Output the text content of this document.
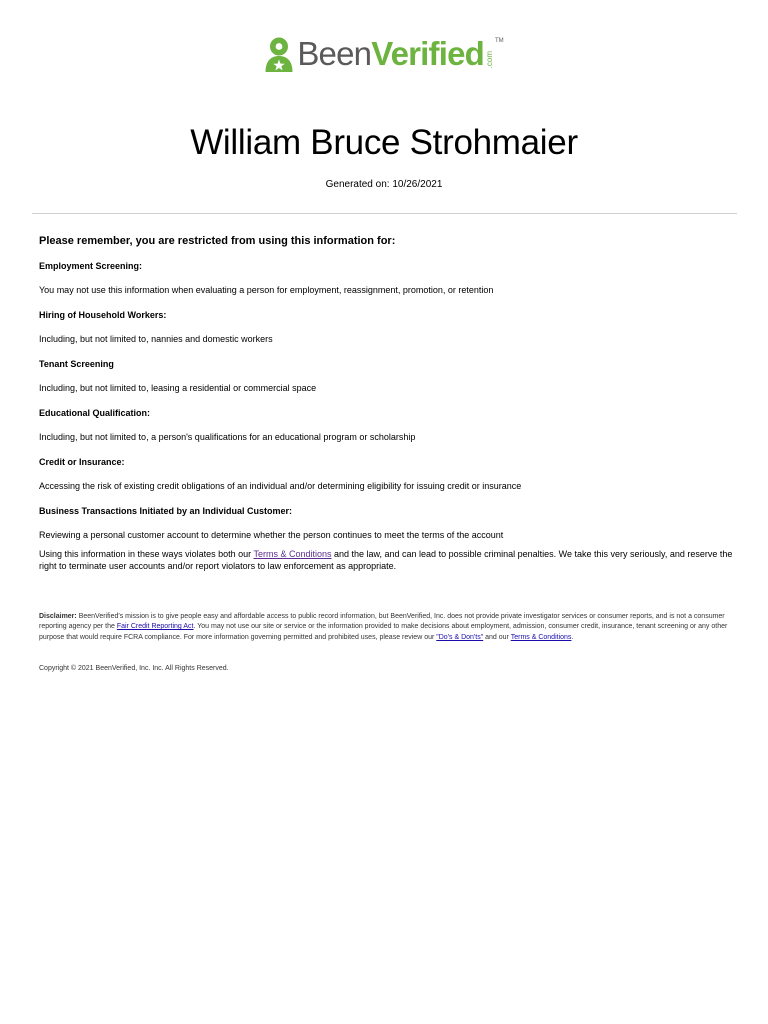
BeenVerified .com
TM
William Bruce Strohmaier
Generated on: 10/26/2021
Please remember, you are restricted from using this information for:
Employment Screening:
You may not use this information when evaluating a person for employment, reassignment, promotion, or retention
Hiring of Household Workers:
Including, but not limited to, nannies and domestic workers
Tenant Screening
Including, but not limited to, leasing a residential or commercial space
Educational Qualification:
Including, but not limited to, a person's qualifications for an educational program or scholarship
Credit or Insurance:
Accessing the risk of existing credit obligations of an individual and/or determining eligibility for issuing credit or insurance
Business Transactions Initiated by an Individual Customer:
Reviewing a personal customer account to determine whether the person continues to meet the terms of the account
Using this information in these ways violates both our Terms & Conditions and the law, and can lead to possible criminal penalties. We take this very seriously, and reserve the right to terminate user accounts and/or report violators to law enforcement as appropriate.
Disclaimer: BeenVerified's mission is to give people easy and affordable access to public record information, but BeenVerified, Inc. does not provide private investigator services or consumer reports, and is not a consumer reporting agency per the Fair Credit Reporting Act. You may not use our site or service or the information provided to make decisions about employment, admission, consumer credit, insurance, tenant screening or any other purpose that would require FCRA compliance. For more information governing permitted and prohibited uses, please review our "Do's & Don'ts" and our Terms & Conditions.
Copyright © 2021 BeenVerified, Inc. Inc. All Rights Reserved.
